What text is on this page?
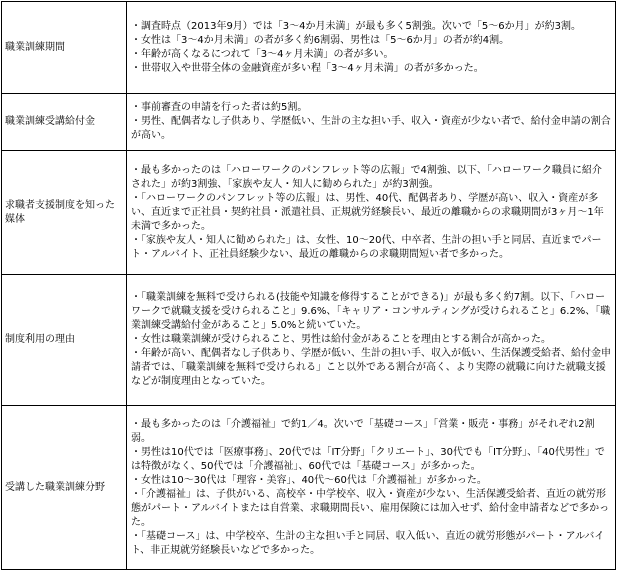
職業訓練期間	・調査時点（2013年9月）では「3～4か月未満」が最も多く5割強。次いで「5～6か月」が約3割。
・女性は「3～4か月未満」の者が多く約6割弱、男性は「5～6か月」の者が約4割。
・年齢が高くなるにつれて「3～4ヶ月未満」の者が多い。
・世帯収入や世帯全体の金融資産が多い程「3～4ヶ月未満」の者が多かった。

職業訓練受講給付金	・事前審査の申請を行った者は約5割。
・男性、配偶者なし子供あり、学歴低い、生計の主な担い手、収入・資産が少ない者で、給付金申請の割合が高い。

求職者支援制度を知った媒体	・最も多かったのは「ハローワークのパンフレット等の広報」で4割強、以下、「ハローワーク職員に紹介された」が約3割強、「家族や友人・知人に勧められた」が約3割強。
・「ハローワークのパンフレット等の広報」は、男性、40代、配偶者あり、学歴が高い、収入・資産が多い、直近まで正社員・契約社員・派遣社員、正規就労経験長い、最近の離職からの求職期間が3ヶ月～1年未満で多かった。
・「家族や友人・知人に勧められた」は、女性、10～20代、中卒者、生計の担い手と同居、直近までパート・アルバイト、正社員経験少ない、最近の離職からの求職期間短い者で多かった。

制度利用の理由	・「職業訓練を無料で受けられる(技能や知識を修得することができる)」が最も多く約7割。以下、「ハローワークで就職支援を受けられること」9.6%、「キャリア・コンサルティングが受けられること」6.2%、「職業訓練受講給付金があること」5.0%と続いていた。
・女性は職業訓練が受けられること、男性は給付金があることを理由とする割合が高かった。
・年齢が高い、配偶者なし子供あり、学歴が低い、生計の担い手、収入が低い、生活保護受給者、給付金申請者では、「職業訓練を無料で受けられる」こと以外である割合が高く、より実際の就職に向けた就職支援などが制度理由となっていた。

受講した職業訓練分野	・最も多かったのは「介護福祉」で約1／4。次いで「基礎コース」「営業・販売・事務」がそれぞれ2割弱。
・男性は10代では「医療事務」、20代では「IT分野」「クリエート」、30代でも「IT分野」、「40代男性」では特徴がなく、50代では「介護福祉」、60代では「基礎コース」が多かった。
・女性は10～30代は「理容・美容」、40代～60代は「介護福祉」が多かった。
・「介護福祉」は、子供がいる、高校卒・中学校卒、収入・資産が少ない、生活保護受給者、直近の就労形態がパート・アルバイトまたは自営業、求職期間長い、雇用保険には加入せず、給付金申請者などで多かった。
・「基礎コース」は、中学校卒、生計の主な担い手と同居、収入低い、直近の就労形態がパート・アルバイト、非正規就労経験長いなどで多かった。
